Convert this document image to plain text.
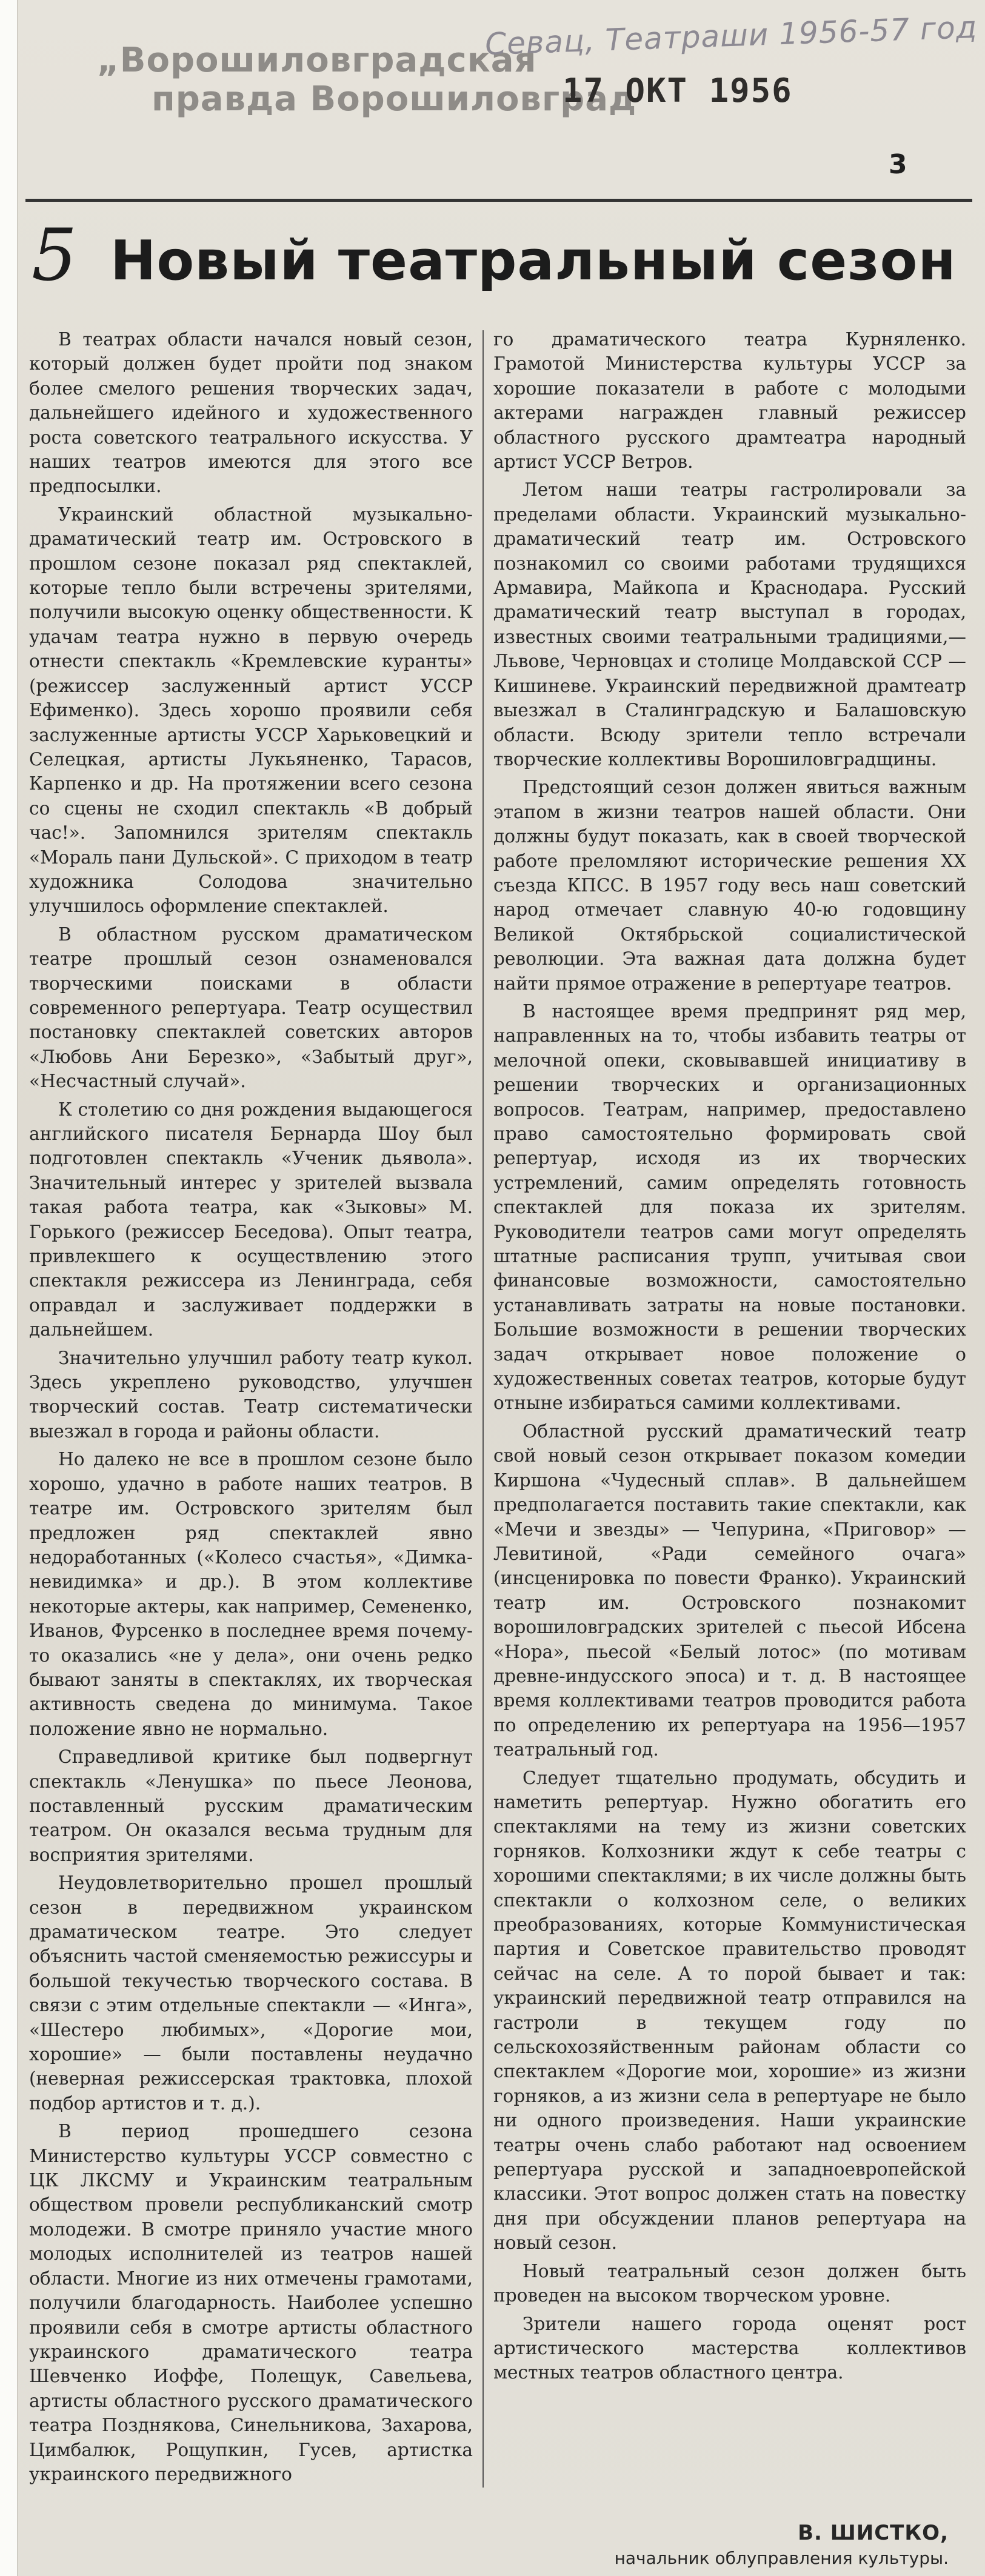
„Ворошиловградская
правда Ворошиловград
Севац, Театраши 1956-57 год
17 ОКТ 1956
3
5 Новый театральный сезон

В театрах области начался новый сезон, который должен будет пройти под знаком более смелого решения творческих задач, дальнейшего идейного и художественного роста советского театрального искусства. У наших театров имеются для этого все предпосылки.

Украинский областной музыкально-драматический театр им. Островского в прошлом сезоне показал ряд спектаклей, которые тепло были встречены зрителями, получили высокую оценку общественности. К удачам театра нужно в первую очередь отнести спектакль «Кремлевские куранты» (режиссер заслуженный артист УССР Ефименко). Здесь хорошо проявили себя заслуженные артисты УССР Харьковецкий и Селецкая, артисты Лукьяненко, Тарасов, Карпенко и др. На протяжении всего сезона со сцены не сходил спектакль «В добрый час!». Запомнился зрителям спектакль «Мораль пани Дульской». С приходом в театр художника Солодова значительно улучшилось оформление спектаклей.

В областном русском драматическом театре прошлый сезон ознаменовался творческими поисками в области современного репертуара. Театр осуществил постановку спектаклей советских авторов «Любовь Ани Березко», «Забытый друг», «Несчастный случай».

К столетию со дня рождения выдающегося английского писателя Бернарда Шоу был подготовлен спектакль «Ученик дьявола». Значительный интерес у зрителей вызвала такая работа театра, как «Зыковы» М. Горького (режиссер Беседова). Опыт театра, привлекшего к осуществлению этого спектакля режиссера из Ленинграда, себя оправдал и заслуживает поддержки в дальнейшем.

Значительно улучшил работу театр кукол. Здесь укреплено руководство, улучшен творческий состав. Театр систематически выезжал в города и районы области.

Но далеко не все в прошлом сезоне было хорошо, удачно в работе наших театров. В театре им. Островского зрителям был предложен ряд спектаклей явно недоработанных («Колесо счастья», «Димка-невидимка» и др.). В этом коллективе некоторые актеры, как например, Семененко, Иванов, Фурсенко в последнее время почему-то оказались «не у дела», они очень редко бывают заняты в спектаклях, их творческая активность сведена до минимума. Такое положение явно не нормально.

Справедливой критике был подвергнут спектакль «Ленушка» по пьесе Леонова, поставленный русским драматическим театром. Он оказался весьма трудным для восприятия зрителями.

Неудовлетворительно прошел прошлый сезон в передвижном украинском драматическом театре. Это следует объяснить частой сменяемостью режиссуры и большой текучестью творческого состава. В связи с этим отдельные спектакли — «Инга», «Шестеро любимых», «Дорогие мои, хорошие» — были поставлены неудачно (неверная режиссерская трактовка, плохой подбор артистов и т. д.).

В период прошедшего сезона Министерство культуры УССР совместно с ЦК ЛКСМУ и Украинским театральным обществом провели республиканский смотр молодежи. В смотре приняло участие много молодых исполнителей из театров нашей области. Многие из них отмечены грамотами, получили благодарность. Наиболее успешно проявили себя в смотре артисты областного украинского драматического театра Шевченко Иоффе, Полещук, Савельева, артисты областного русского драматического театра Позднякова, Синельникова, Захарова, Цимбалюк, Рощупкин, Гусев, артистка украинского передвижного

го драматического театра Курняленко. Грамотой Министерства культуры УССР за хорошие показатели в работе с молодыми актерами награжден главный режиссер областного русского драмтеатра народный артист УССР Ветров.

Летом наши театры гастролировали за пределами области. Украинский музыкально-драматический театр им. Островского познакомил со своими работами трудящихся Армавира, Майкопа и Краснодара. Русский драматический театр выступал в городах, известных своими театральными традициями,— Львове, Черновцах и столице Молдавской ССР — Кишиневе. Украинский передвижной драмтеатр выезжал в Сталинградскую и Балашовскую области. Всюду зрители тепло встречали творческие коллективы Ворошиловградщины.

Предстоящий сезон должен явиться важным этапом в жизни театров нашей области. Они должны будут показать, как в своей творческой работе преломляют исторические решения XX съезда КПСС. В 1957 году весь наш советский народ отмечает славную 40-ю годовщину Великой Октябрьской социалистической революции. Эта важная дата должна будет найти прямое отражение в репертуаре театров.

В настоящее время предпринят ряд мер, направленных на то, чтобы избавить театры от мелочной опеки, сковывавшей инициативу в решении творческих и организационных вопросов. Театрам, например, предоставлено право самостоятельно формировать свой репертуар, исходя из их творческих устремлений, самим определять готовность спектаклей для показа их зрителям. Руководители театров сами могут определять штатные расписания трупп, учитывая свои финансовые возможности, самостоятельно устанавливать затраты на новые постановки. Большие возможности в решении творческих задач открывает новое положение о художественных советах театров, которые будут отныне избираться самими коллективами.

Областной русский драматический театр свой новый сезон открывает показом комедии Киршона «Чудесный сплав». В дальнейшем предполагается поставить такие спектакли, как «Мечи и звезды» — Чепурина, «Приговор» — Левитиной, «Ради семейного очага» (инсценировка по повести Франко). Украинский театр им. Островского познакомит ворошиловградских зрителей с пьесой Ибсена «Нора», пьесой «Белый лотос» (по мотивам древне-индусского эпоса) и т. д. В настоящее время коллективами театров проводится работа по определению их репертуара на 1956—1957 театральный год.

Следует тщательно продумать, обсудить и наметить репертуар. Нужно обогатить его спектаклями на тему из жизни советских горняков. Колхозники ждут к себе театры с хорошими спектаклями; в их числе должны быть спектакли о колхозном селе, о великих преобразованиях, которые Коммунистическая партия и Советское правительство проводят сейчас на селе. А то порой бывает и так: украинский передвижной театр отправился на гастроли в текущем году по сельскохозяйственным районам области со спектаклем «Дорогие мои, хорошие» из жизни горняков, а из жизни села в репертуаре не было ни одного произведения. Наши украинские театры очень слабо работают над освоением репертуара русской и западноевропейской классики. Этот вопрос должен стать на повестку дня при обсуждении планов репертуара на новый сезон.

Новый театральный сезон должен быть проведен на высоком творческом уровне.

Зрители нашего города оценят рост артистического мастерства коллективов местных театров областного центра.

В. ШИСТКО,
начальник облуправления культуры.
